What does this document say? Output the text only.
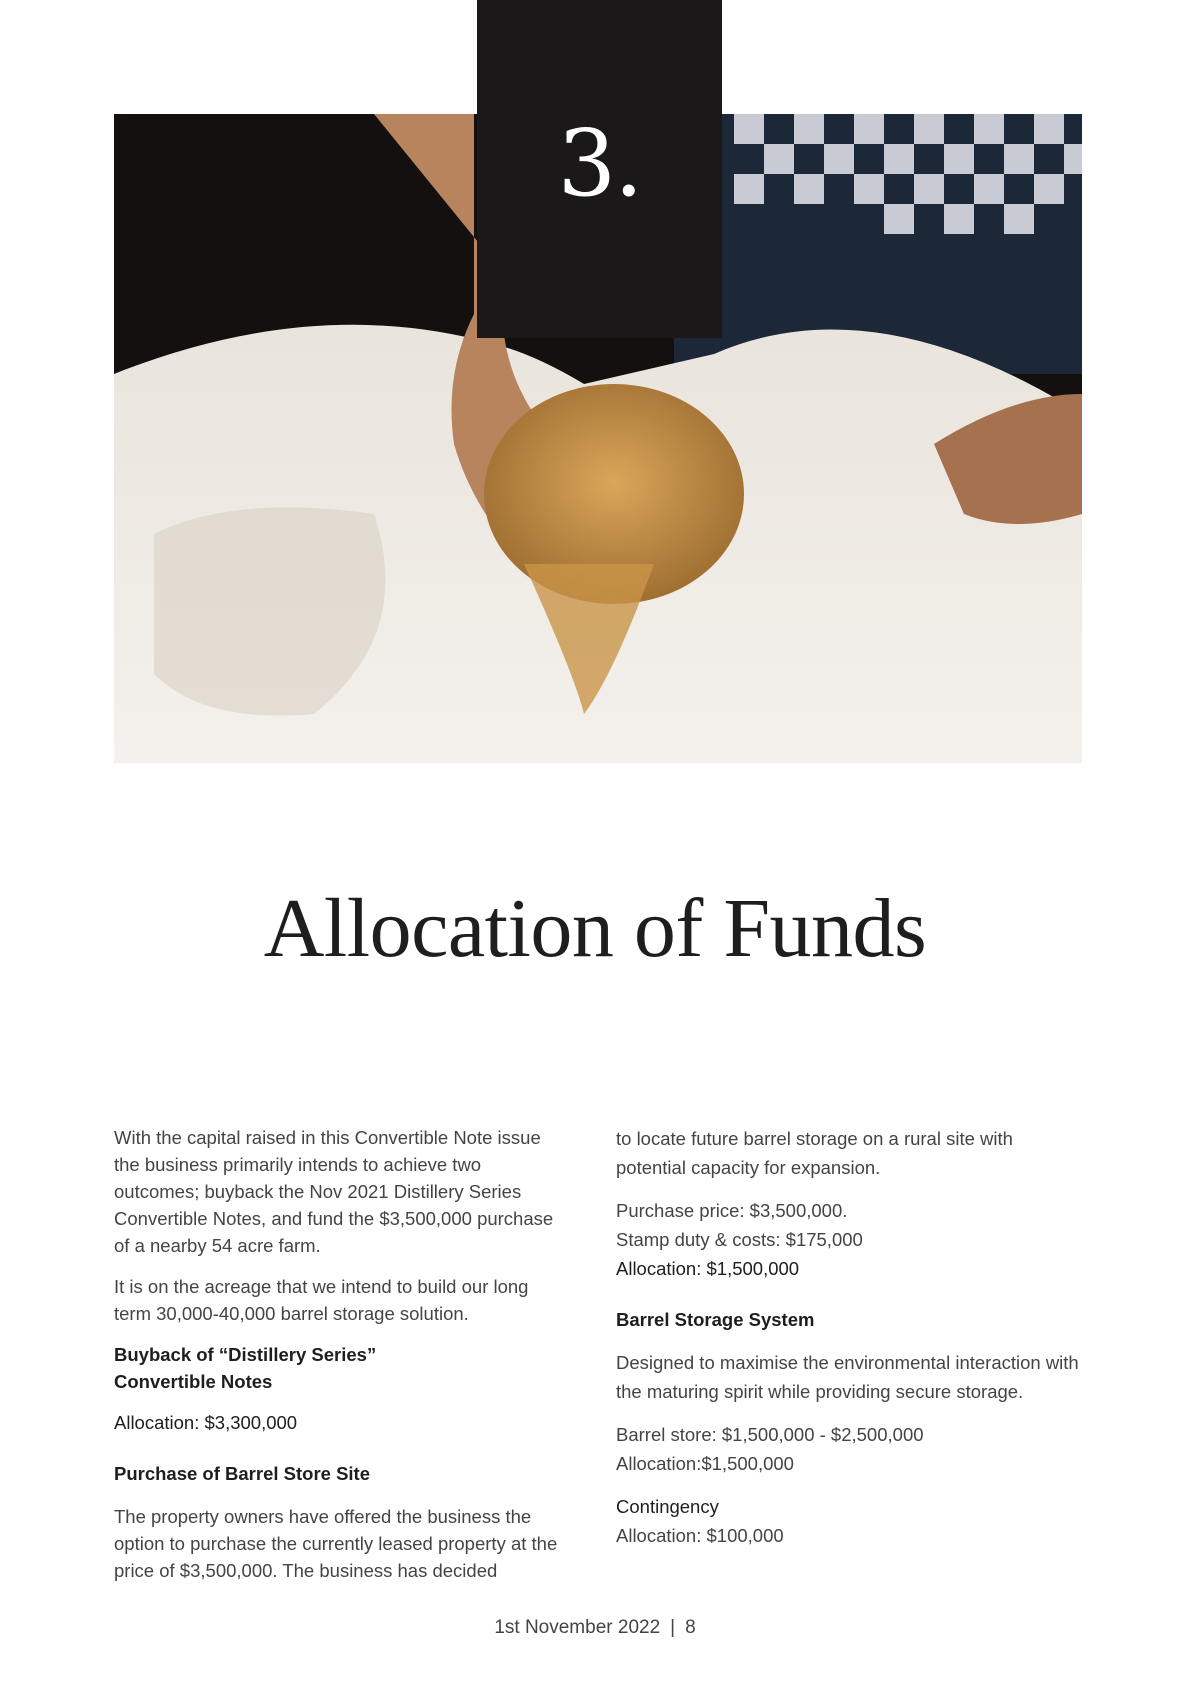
3.
Allocation of Funds

With the capital raised in this Convertible Note issue the business primarily intends to achieve two outcomes; buyback the Nov 2021 Distillery Series Convertible Notes, and fund the $3,500,000 purchase of a nearby 54 acre farm.

It is on the acreage that we intend to build our long term 30,000-40,000 barrel storage solution.

Buyback of “Distillery Series”
Convertible Notes

Allocation: $3,300,000

Purchase of Barrel Store Site

The property owners have offered the business the option to purchase the currently leased property at the price of $3,500,000. The business has decided

to locate future barrel storage on a rural site with potential capacity for expansion.

Purchase price: $3,500,000.
Stamp duty & costs: $175,000
Allocation: $1,500,000
Barrel Storage System

Designed to maximise the environmental interaction with the maturing spirit while providing secure storage.

Barrel store: $1,500,000 - $2,500,000
Allocation:$1,500,000
Contingency
Allocation: $100,000
1st November 2022 | 8
